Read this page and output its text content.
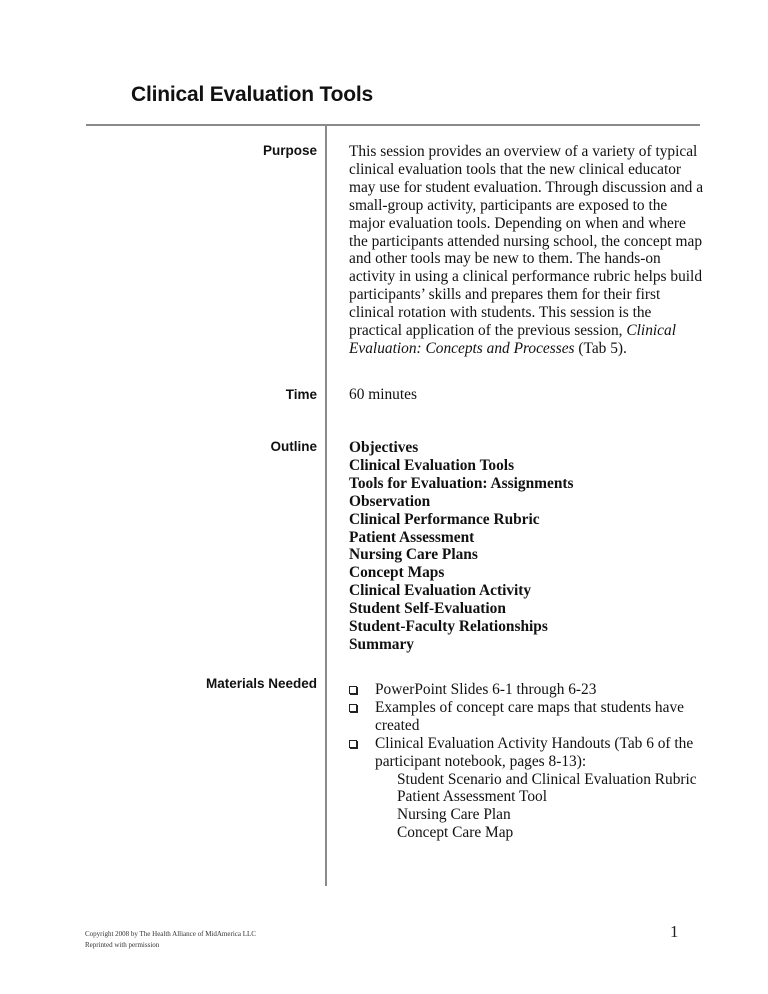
Clinical Evaluation Tools
Purpose This session provides an overview of a variety of typical clinical evaluation tools that the new clinical educator may use for student evaluation. Through discussion and a small-group activity, participants are exposed to the major evaluation tools. Depending on when and where the participants attended nursing school, the concept map and other tools may be new to them. The hands-on activity in using a clinical performance rubric helps build participants’ skills and prepares them for their first clinical rotation with students. This session is the practical application of the previous session, Clinical Evaluation: Concepts and Processes (Tab 5).

Time 60 minutes
Outline Objectives
Clinical Evaluation Tools
Tools for Evaluation: Assignments
Observation
Clinical Performance Rubric
Patient Assessment
Nursing Care Plans
Concept Maps
Clinical Evaluation Activity
Student Self-Evaluation
Student-Faculty Relationships
Summary
Materials Needed	PowerPoint Slides 6-1 through 6-23
Examples of concept care maps that students have created
Clinical Evaluation Activity Handouts (Tab 6 of the participant notebook, pages 8-13):
Student Scenario and Clinical Evaluation Rubric
Patient Assessment Tool
Nursing Care Plan
Concept Care Map
Copyright 2008 by The Health Alliance of MidAmerica LLC
Reprinted with permission
1
